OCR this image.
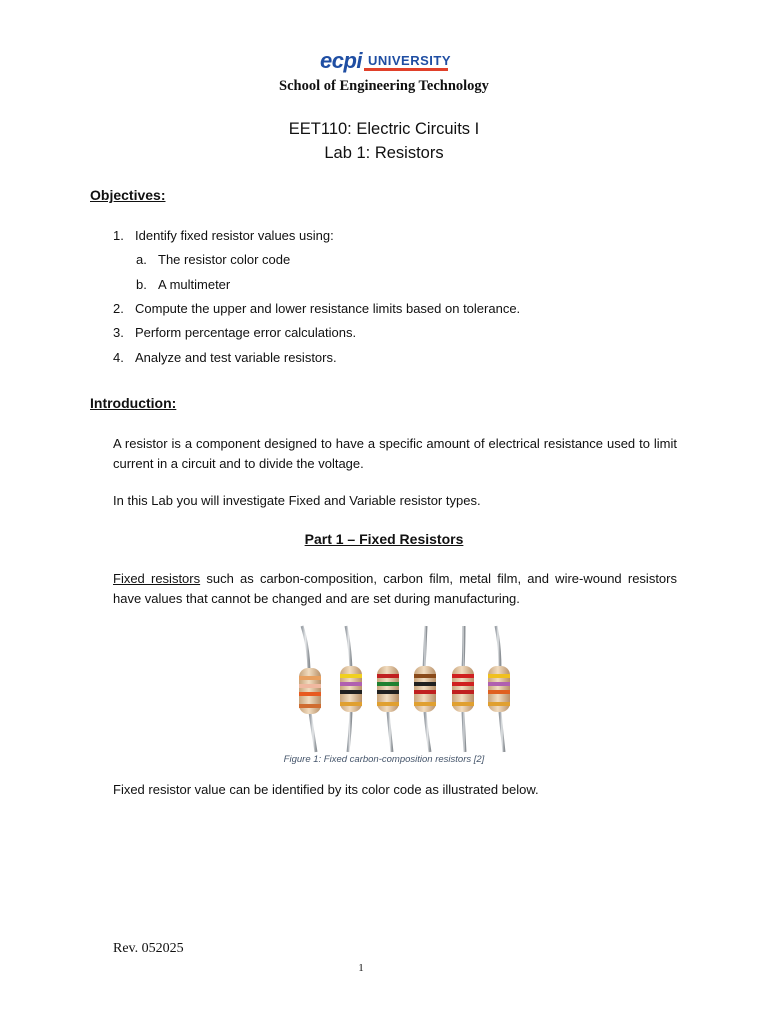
ecpi UNIVERSITY
School of Engineering Technology
EET110: Electric Circuits I
Lab 1: Resistors
Objectives:
1. Identify fixed resistor values using:
a. The resistor color code
b. A multimeter
2. Compute the upper and lower resistance limits based on tolerance.
3. Perform percentage error calculations.
4. Analyze and test variable resistors.
Introduction:
A resistor is a component designed to have a specific amount of electrical resistance used to limit current in a circuit and to divide the voltage.
In this Lab you will investigate Fixed and Variable resistor types.
Part 1 – Fixed Resistors
Fixed resistors such as carbon-composition, carbon film, metal film, and wire-wound resistors have values that cannot be changed and are set during manufacturing.
Figure 1: Fixed carbon-composition resistors [2]
Fixed resistor value can be identified by its color code as illustrated below.
Rev. 052025
1
